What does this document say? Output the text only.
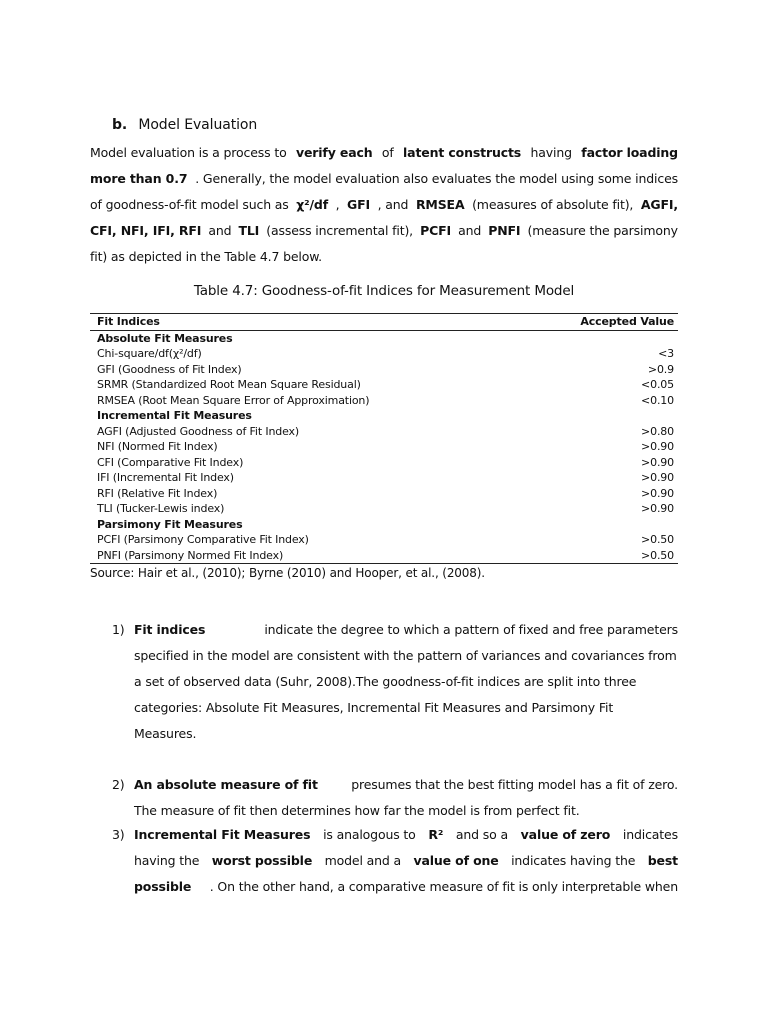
b. Model Evaluation
Model evaluation is a process to verify each of latent constructs having factor loading
more than 0.7 . Generally, the model evaluation also evaluates the model using some indices
of goodness-of-fit model such as χ²/df , GFI , and RMSEA (measures of absolute fit), AGFI,
CFI, NFI, IFI, RFI and TLI (assess incremental fit), PCFI and PNFI (measure the parsimony
fit) as depicted in the Table 4.7 below.
Table 4.7: Goodness-of-fit Indices for Measurement Model
Fit Indices	Accepted Value
Absolute Fit Measures	
Chi-square/df(χ²/df)	<3
GFI (Goodness of Fit Index)	>0.9
SRMR (Standardized Root Mean Square Residual)	<0.05
RMSEA (Root Mean Square Error of Approximation)	<0.10
Incremental Fit Measures	
AGFI (Adjusted Goodness of Fit Index)	>0.80
NFI (Normed Fit Index)	>0.90
CFI (Comparative Fit Index)	>0.90
IFI (Incremental Fit Index)	>0.90
RFI (Relative Fit Index)	>0.90
TLI (Tucker-Lewis index)	>0.90
Parsimony Fit Measures	
PCFI (Parsimony Comparative Fit Index)	>0.50
PNFI (Parsimony Normed Fit Index)	>0.50
Source: Hair et al., (2010); Byrne (2010) and Hooper, et al., (2008).
1) Fit indices	indicate the degree to which a pattern of fixed and free parameters
specified in the model are consistent with the pattern of variances and covariances from
a set of observed data (Suhr, 2008).The goodness-of-fit indices are split into three
categories: Absolute Fit Measures, Incremental Fit Measures and Parsimony Fit
Measures.
2) An absolute measure of fit	presumes that the best fitting model has a fit of zero.
The measure of fit then determines how far the model is from perfect fit.
3) Incremental Fit Measures is analogous to R² and so a value of zero indicates
having the worst possible model and a value of one indicates having the best
possible . On the other hand, a comparative measure of fit is only interpretable when
